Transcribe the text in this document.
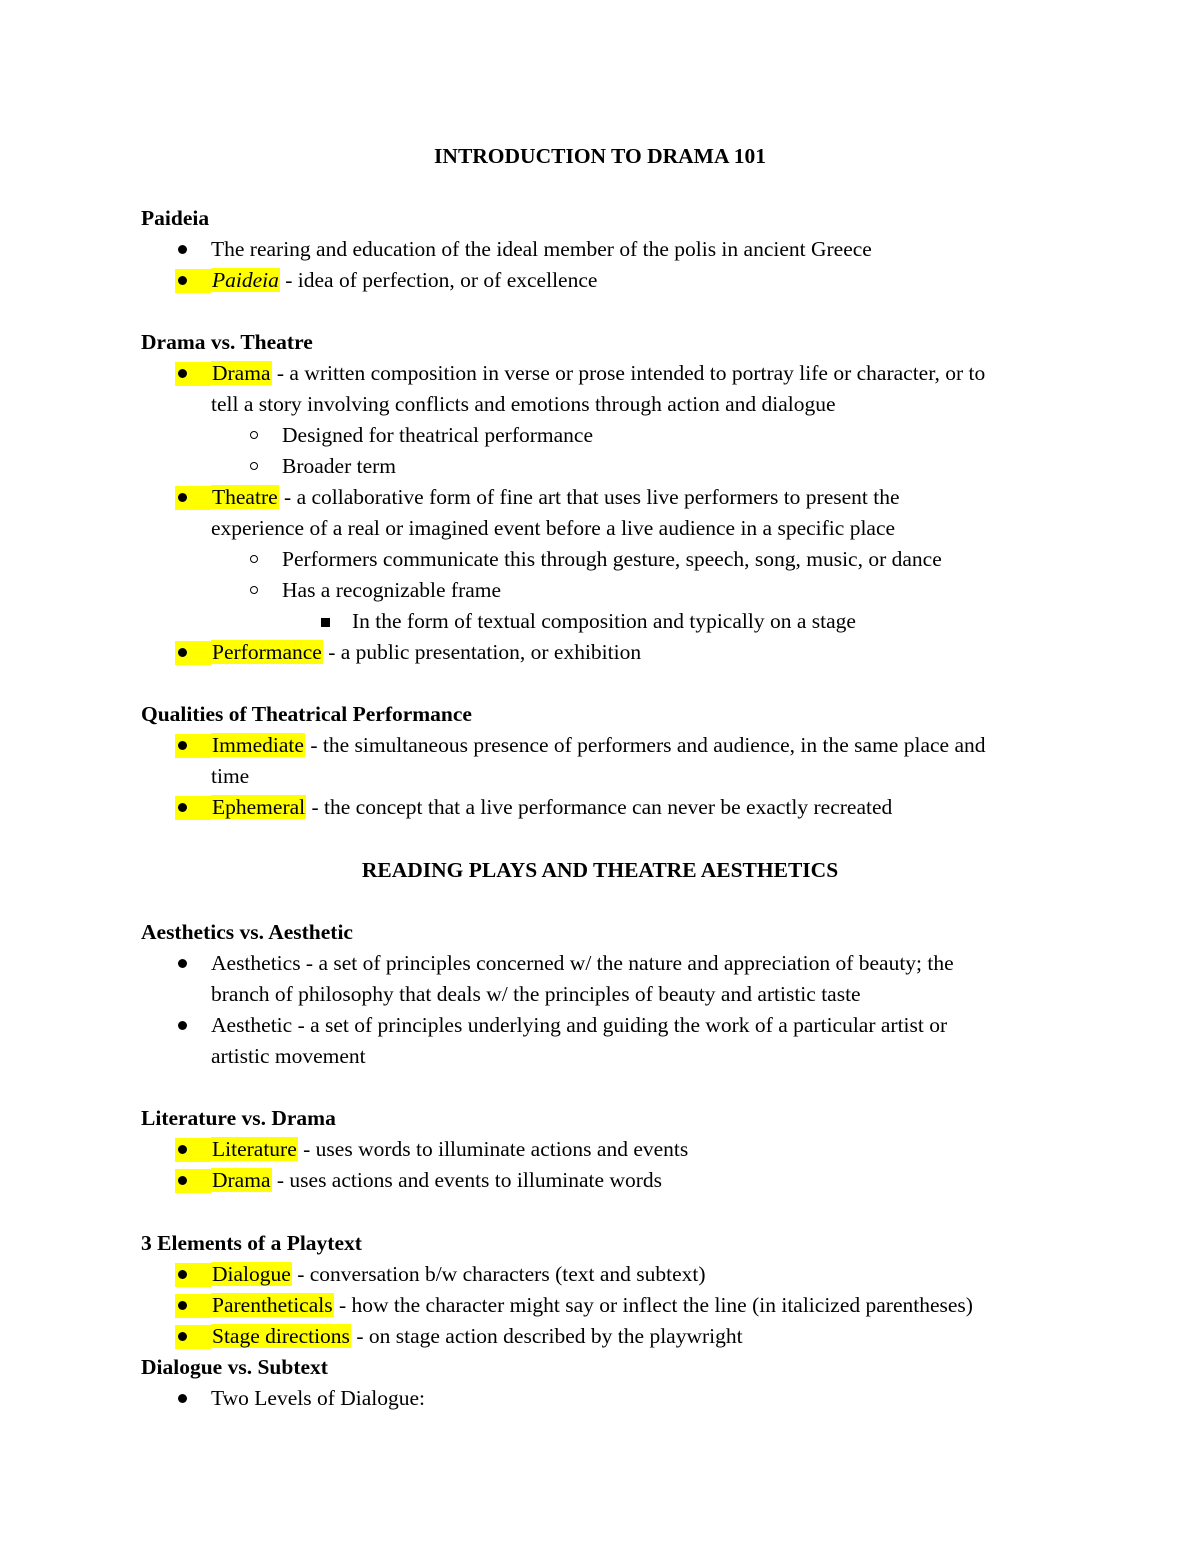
INTRODUCTION TO DRAMA 101
Paideia
The rearing and education of the ideal member of the polis in ancient Greece
Paideia - idea of perfection, or of excellence
Drama vs. Theatre
Drama - a written composition in verse or prose intended to portray life or character, or to
tell a story involving conflicts and emotions through action and dialogue
Designed for theatrical performance
Broader term
Theatre - a collaborative form of fine art that uses live performers to present the
experience of a real or imagined event before a live audience in a specific place
Performers communicate this through gesture, speech, song, music, or dance
Has a recognizable frame
In the form of textual composition and typically on a stage
Performance - a public presentation, or exhibition
Qualities of Theatrical Performance
Immediate - the simultaneous presence of performers and audience, in the same place and
time
Ephemeral - the concept that a live performance can never be exactly recreated
READING PLAYS AND THEATRE AESTHETICS
Aesthetics vs. Aesthetic
Aesthetics - a set of principles concerned w/ the nature and appreciation of beauty; the
branch of philosophy that deals w/ the principles of beauty and artistic taste
Aesthetic - a set of principles underlying and guiding the work of a particular artist or
artistic movement
Literature vs. Drama
Literature - uses words to illuminate actions and events
Drama - uses actions and events to illuminate words
3 Elements of a Playtext
Dialogue - conversation b/w characters (text and subtext)
Parentheticals - how the character might say or inflect the line (in italicized parentheses)
Stage directions - on stage action described by the playwright
Dialogue vs. Subtext
Two Levels of Dialogue:
